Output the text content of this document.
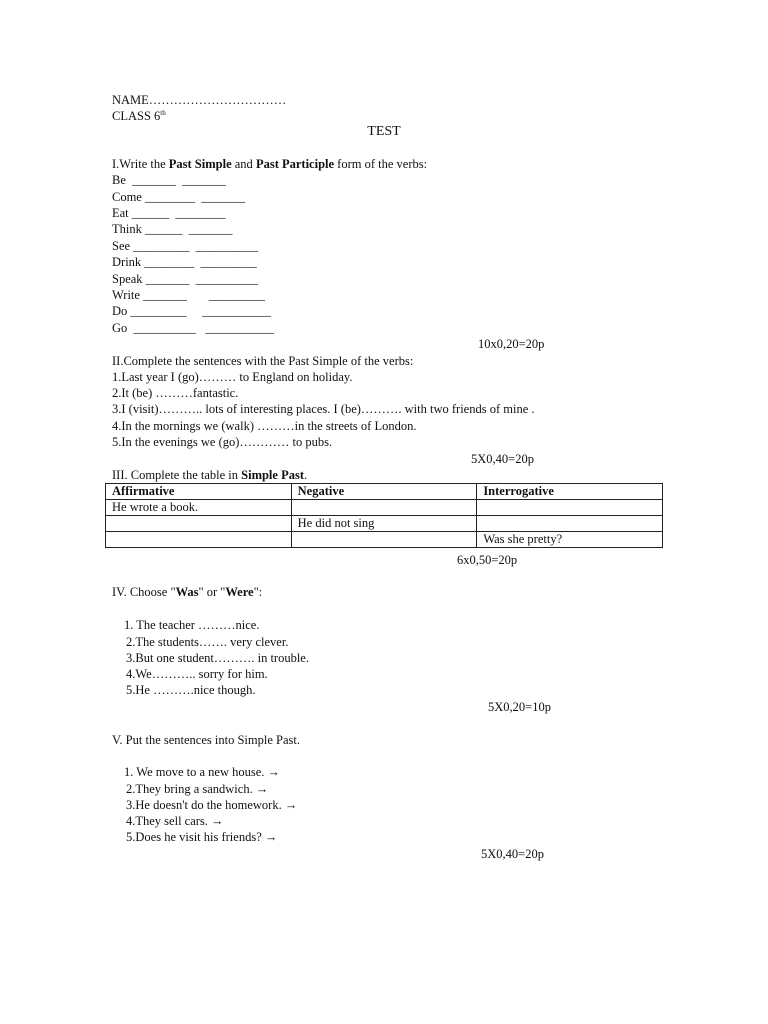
NAME……………………………
CLASS 6th
TEST
I.Write the Past Simple and Past Participle form of the verbs:
Be  _______  _______
Come ________  _______
Eat ______  ________
Think ______  _______
See _________  __________
Drink ________  _________
Speak _______  __________
Write _______       _________
Do _________     ___________
Go  __________   ___________
10x0,20=20p
II.Complete the sentences with the Past Simple of the verbs:
1.Last year I (go)……… to England on holiday.
2.It (be) ………fantastic.
3.I (visit)……….. lots of interesting places. I (be)………. with two friends of mine .
4.In the mornings we (walk) ………in the streets of London.
5.In the evenings we (go)………… to pubs.
5X0,40=20p
III. Complete the table in Simple Past.
Affirmative	Negative	Interrogative
He wrote a book.		
	He did not sing	
		Was she pretty?
6x0,50=20p
IV. Choose "Was" or "Were":
1. The teacher ………nice.
2.The students……. very clever.
3.But one student………. in trouble.
4.We……….. sorry for him.
5.He ……….nice though.
5X0,20=10p
V. Put the sentences into Simple Past.
1. We move to a new house. →
2.They bring a sandwich. →
3.He doesn't do the homework. →
4.They sell cars. →
5.Does he visit his friends? →
5X0,40=20p
